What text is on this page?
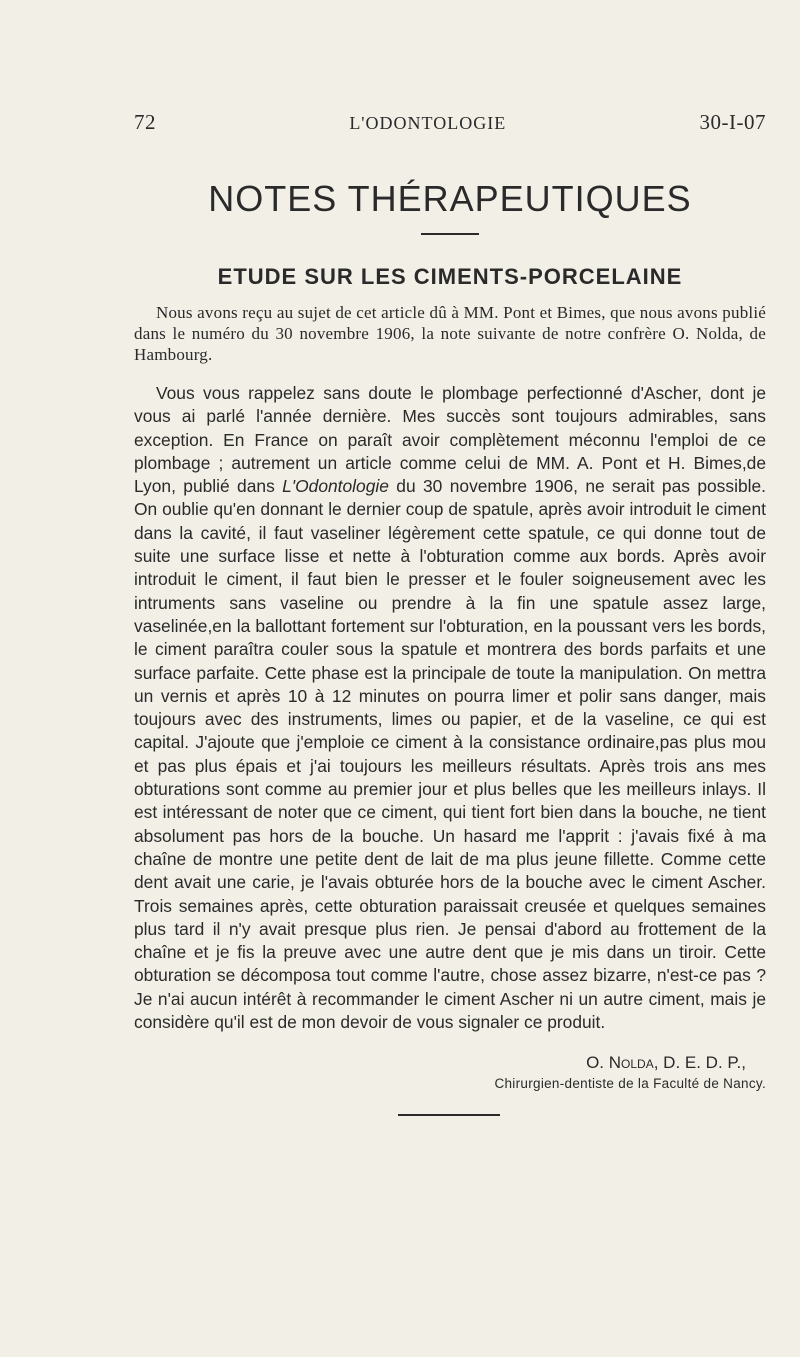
72	L'ODONTOLOGIE	30-I-07
NOTES THÉRAPEUTIQUES
ETUDE SUR LES CIMENTS-PORCELAINE

Nous avons reçu au sujet de cet article dû à MM. Pont et Bimes, que nous avons publié dans le numéro du 30 novembre 1906, la note suivante de notre confrère O. Nolda, de Hambourg.

Vous vous rappelez sans doute le plombage perfectionné d'Ascher, dont je vous ai parlé l'année dernière. Mes succès sont toujours admirables, sans exception. En France on paraît avoir complètement méconnu l'emploi de ce plombage ; autrement un article comme celui de MM. A. Pont et H. Bimes,de Lyon, publié dans L'Odontologie du 30 novembre 1906, ne serait pas possible. On oublie qu'en donnant le dernier coup de spatule, après avoir introduit le ciment dans la cavité, il faut vaseliner légèrement cette spatule, ce qui donne tout de suite une surface lisse et nette à l'obturation comme aux bords. Après avoir introduit le ciment, il faut bien le presser et le fouler soigneusement avec les intruments sans vaseline ou prendre à la fin une spatule assez large, vaselinée,en la ballottant fortement sur l'obturation, en la poussant vers les bords, le ciment paraîtra couler sous la spatule et montrera des bords parfaits et une surface parfaite. Cette phase est la principale de toute la manipulation. On mettra un vernis et après 10 à 12 minutes on pourra limer et polir sans danger, mais toujours avec des instruments, limes ou papier, et de la vaseline, ce qui est capital. J'ajoute que j'emploie ce ciment à la consistance ordinaire,pas plus mou et pas plus épais et j'ai toujours les meilleurs résultats. Après trois ans mes obturations sont comme au premier jour et plus belles que les meilleurs inlays. Il est intéressant de noter que ce ciment, qui tient fort bien dans la bouche, ne tient absolument pas hors de la bouche. Un hasard me l'apprit : j'avais fixé à ma chaîne de montre une petite dent de lait de ma plus jeune fillette. Comme cette dent avait une carie, je l'avais obturée hors de la bouche avec le ciment Ascher. Trois semaines après, cette obturation paraissait creusée et quelques semaines plus tard il n'y avait presque plus rien. Je pensai d'abord au frottement de la chaîne et je fis la preuve avec une autre dent que je mis dans un tiroir. Cette obturation se décomposa tout comme l'autre, chose assez bizarre, n'est-ce pas ? Je n'ai aucun intérêt à recommander le ciment Ascher ni un autre ciment, mais je considère qu'il est de mon devoir de vous signaler ce produit.

O. Nolda, D. E. D. P.,
Chirurgien-dentiste de la Faculté de Nancy.
